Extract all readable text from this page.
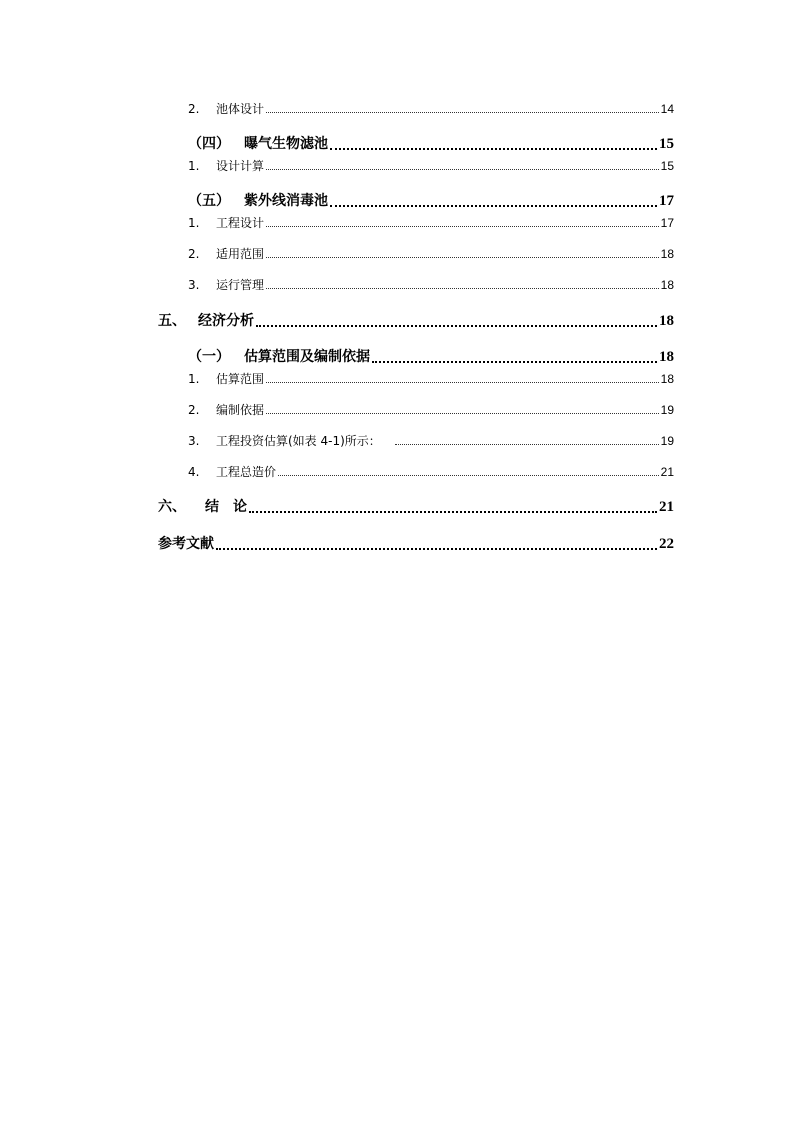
2.	池体设计	14
（四）	曝气生物滤池	15
1.	设计计算	15
（五）	紫外线消毒池	17
1.	工程设计	17
2.	适用范围	18
3.	运行管理	18
五、 经济分析	18
（一）	估算范围及编制依据	18
1.	估算范围	18
2.	编制依据	19
3.	工程投资估算(如表 4-1)所示：	19
4.	工程总造价	21
六、	结　论	21
参考文献	22
